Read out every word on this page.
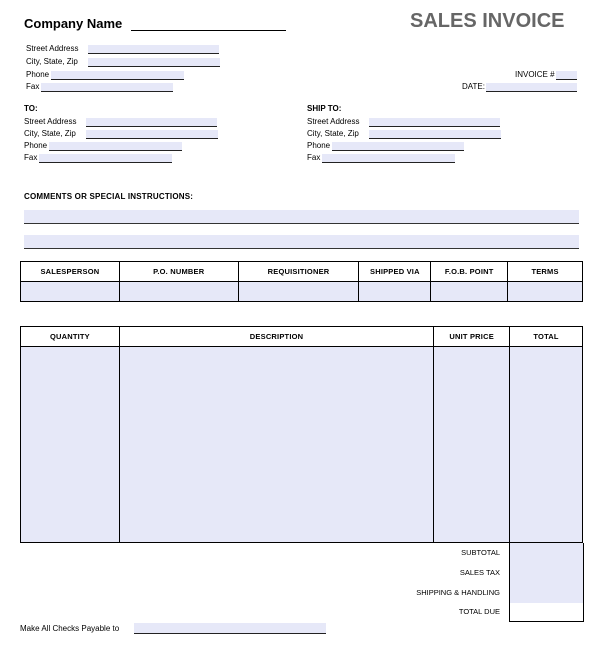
Company Name	SALES INVOICE
Street Address
City, State, Zip
Phone
Fax
INVOICE #
DATE:
TO:
Street Address
City, State, Zip
Phone
Fax
SHIP TO:
Street Address
City, State, Zip
Phone
Fax
COMMENTS OR SPECIAL INSTRUCTIONS:
SALESPERSON	P.O. NUMBER	REQUISITIONER	SHIPPED VIA	F.O.B. POINT	TERMS

QUANTITY	DESCRIPTION	UNIT PRICE	TOTAL

SUBTOTAL
SALES TAX
SHIPPING & HANDLING
TOTAL DUE
Make All Checks Payable to
